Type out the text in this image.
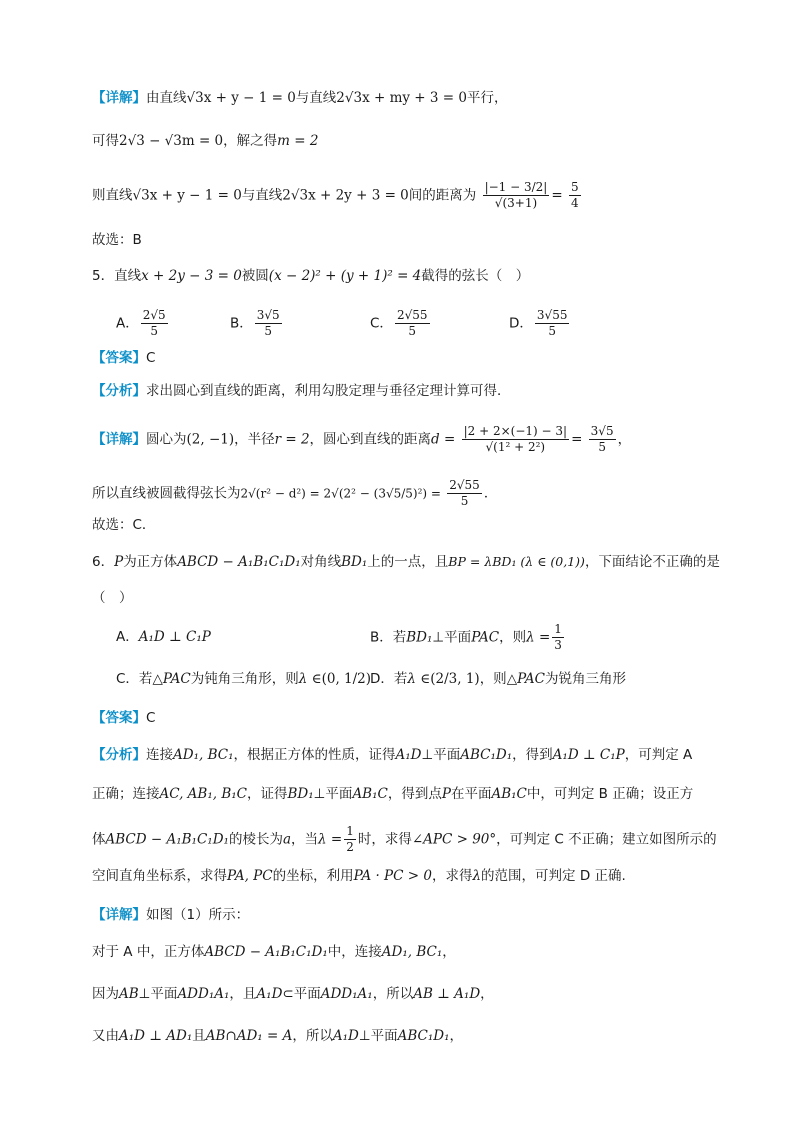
【详解】由直线√3x + y − 1 = 0与直线2√3x + my + 3 = 0平行，
可得2√3 − √3m = 0，解之得m = 2
则直线√3x + y − 1 = 0与直线2√3x + 2y + 3 = 0间的距离为 $\frac{|-1 - 3/2|}{√(3+1)} = \frac{5}{4}$
故选：B
5．直线x + 2y − 3 = 0被圆(x − 2)² + (y + 1)² = 4截得的弦长（　）
A． $\frac{2√5}{5}$	B． $\frac{3√5}{5}$	C． $\frac{2√55}{5}$	D． $\frac{3√55}{5}$
【答案】C
【分析】求出圆心到直线的距离，利用勾股定理与垂径定理计算可得．
【详解】圆心为(2, −1)，半径r = 2，圆心到直线的距离$d = \frac{|2 + 2\times(-1) - 3|}{\text{√(1² + 2²)}} = \frac{3√5}{5}$ ，
所以直线被圆截得弦长为$2√(r^2 - d^2) = 2√(2^2 - (3√5/5)^2) = \frac{2√55}{5}$ ．
故选：C．
6．P为正方体ABCD − A₁B₁C₁D₁对角线BD₁上的一点，且BP = λBD₁ (λ ∈ (0,1))，下面结论不正确的是
（　）
A．A₁D ⊥ C₁P	B．若BD₁⊥平面PAC，则$\lambda = \frac{1}{3}$
C．若△PAC为钝角三角形，则λ ∈(0, 1/2)
D．若λ ∈(2/3, 1)，则△PAC为锐角三角形
【答案】C
【分析】连接AD₁, BC₁，根据正方体的性质，证得A₁D⊥平面ABC₁D₁，得到A₁D ⊥ C₁P，可判定 A
正确；连接AC, AB₁, B₁C，证得BD₁⊥平面AB₁C，得到点P在平面AB₁C中，可判定 B 正确；设正方
体ABCD − A₁B₁C₁D₁的棱长为a，当$\lambda = \frac{1}{2}$ 时，求得∠APC > 90°，可判定 C 不正确；建立如图所示的
空间直角坐标系，求得PA, PC的坐标，利用PA · PC > 0，求得λ的范围，可判定 D 正确.
【详解】如图（1）所示：
对于 A 中，正方体ABCD − A₁B₁C₁D₁中，连接AD₁, BC₁，
因为AB⊥平面ADD₁A₁，且A₁D⊂平面ADD₁A₁，所以AB ⊥ A₁D，
又由A₁D ⊥ AD₁且AB∩AD₁ = A，所以A₁D⊥平面ABC₁D₁，
